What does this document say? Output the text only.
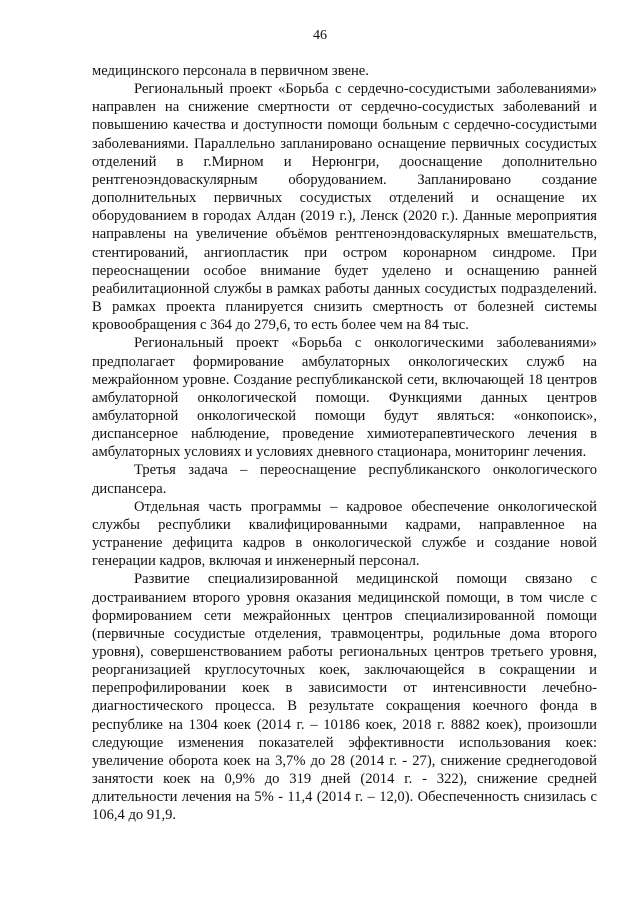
46

медицинского персонала в первичном звене.

Региональный проект «Борьба с сердечно-сосудистыми заболеваниями» направлен на снижение смертности от сердечно-сосудистых заболеваний и повышению качества и доступности помощи больным с сердечно-сосудистыми заболеваниями. Параллельно запланировано оснащение первичных сосудистых отделений в г.Мирном и Нерюнгри, дооснащение дополнительно рентгеноэндоваскулярным оборудованием. Запланировано создание дополнительных первичных сосудистых отделений и оснащение их оборудованием в городах Алдан (2019 г.), Ленск (2020 г.). Данные мероприятия направлены на увеличение объёмов рентгеноэндоваскулярных вмешательств, стентирований, ангиопластик при остром коронарном синдроме. При переоснащении особое внимание будет уделено и оснащению ранней реабилитационной службы в рамках работы данных сосудистых подразделений. В рамках проекта планируется снизить смертность от болезней системы кровообращения с 364 до 279,6, то есть более чем на 84 тыс.

Региональный проект «Борьба с онкологическими заболеваниями» предполагает формирование амбулаторных онкологических служб на межрайонном уровне. Создание республиканской сети, включающей 18 центров амбулаторной онкологической помощи. Функциями данных центров амбулаторной онкологической помощи будут являться: «онкопоиск», диспансерное наблюдение, проведение химиотерапевтического лечения в амбулаторных условиях и условиях дневного стационара, мониторинг лечения.

Третья задача – переоснащение республиканского онкологического диспансера.

Отдельная часть программы – кадровое обеспечение онкологической службы республики квалифицированными кадрами, направленное на устранение дефицита кадров в онкологической службе и создание новой генерации кадров, включая и инженерный персонал.

Развитие специализированной медицинской помощи связано с достраиванием второго уровня оказания медицинской помощи, в том числе с формированием сети межрайонных центров специализированной помощи (первичные сосудистые отделения, травмоцентры, родильные дома второго уровня), совершенствованием работы региональных центров третьего уровня, реорганизацией круглосуточных коек, заключающейся в сокращении и перепрофилировании коек в зависимости от интенсивности лечебно-диагностического процесса. В результате сокращения коечного фонда в республике на 1304 коек (2014 г. – 10186 коек, 2018 г. 8882 коек), произошли следующие изменения показателей эффективности использования коек: увеличение оборота коек на 3,7% до 28 (2014 г. - 27), снижение среднегодовой занятости коек на 0,9% до 319 дней (2014 г. - 322), снижение средней длительности лечения на 5% - 11,4 (2014 г. – 12,0). Обеспеченность снизилась с 106,4 до 91,9.
